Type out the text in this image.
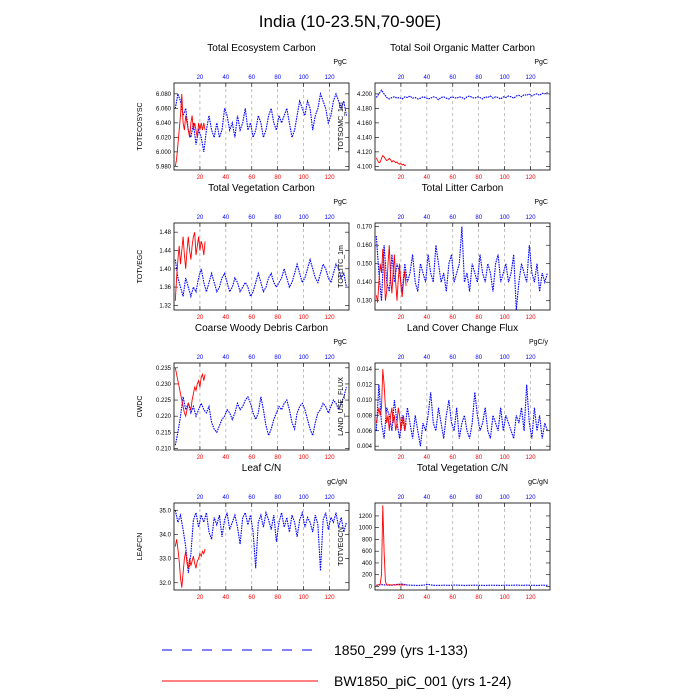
India (10-23.5N,70-90E)
Total Ecosystem Carbon
PgC
TOTECOSYSC
20
20
40
40
60
60
80
80
100
100
120
120
5.980
6.000
6.020
6.040
6.060
6.080
Total Soil Organic Matter Carbon
PgC
TOTSOMC_1m
20
20
40
40
60
60
80
80
100
100
120
120
4.100
4.120
4.140
4.160
4.180
4.200
Total Vegetation Carbon
PgC
TOTVEGC
20
20
40
40
60
60
80
80
100
100
120
120
1.32
1.36
1.40
1.44
1.48
Total Litter Carbon
PgC
TOTLITC_1m
20
20
40
40
60
60
80
80
100
100
120
120
0.130
0.140
0.150
0.160
0.170
Coarse Woody Debris Carbon
PgC
CWDC
20
20
40
40
60
60
80
80
100
100
120
120
0.210
0.215
0.220
0.225
0.230
0.235
Land Cover Change Flux
PgC/y
LAND_USE_FLUX
20
20
40
40
60
60
80
80
100
100
120
120
0.004
0.006
0.008
0.010
0.012
0.014
Leaf C/N
gC/gN
LEAFCN
20
20
40
40
60
60
80
80
100
100
120
120
32.0
33.0
34.0
35.0
Total Vegetation C/N
gC/gN
TOTVEGCN
20
20
40
40
60
60
80
80
100
100
120
120
0
200
400
600
800
1000
1200
1850_299 (yrs 1-133)
BW1850_piC_001 (yrs 1-24)
